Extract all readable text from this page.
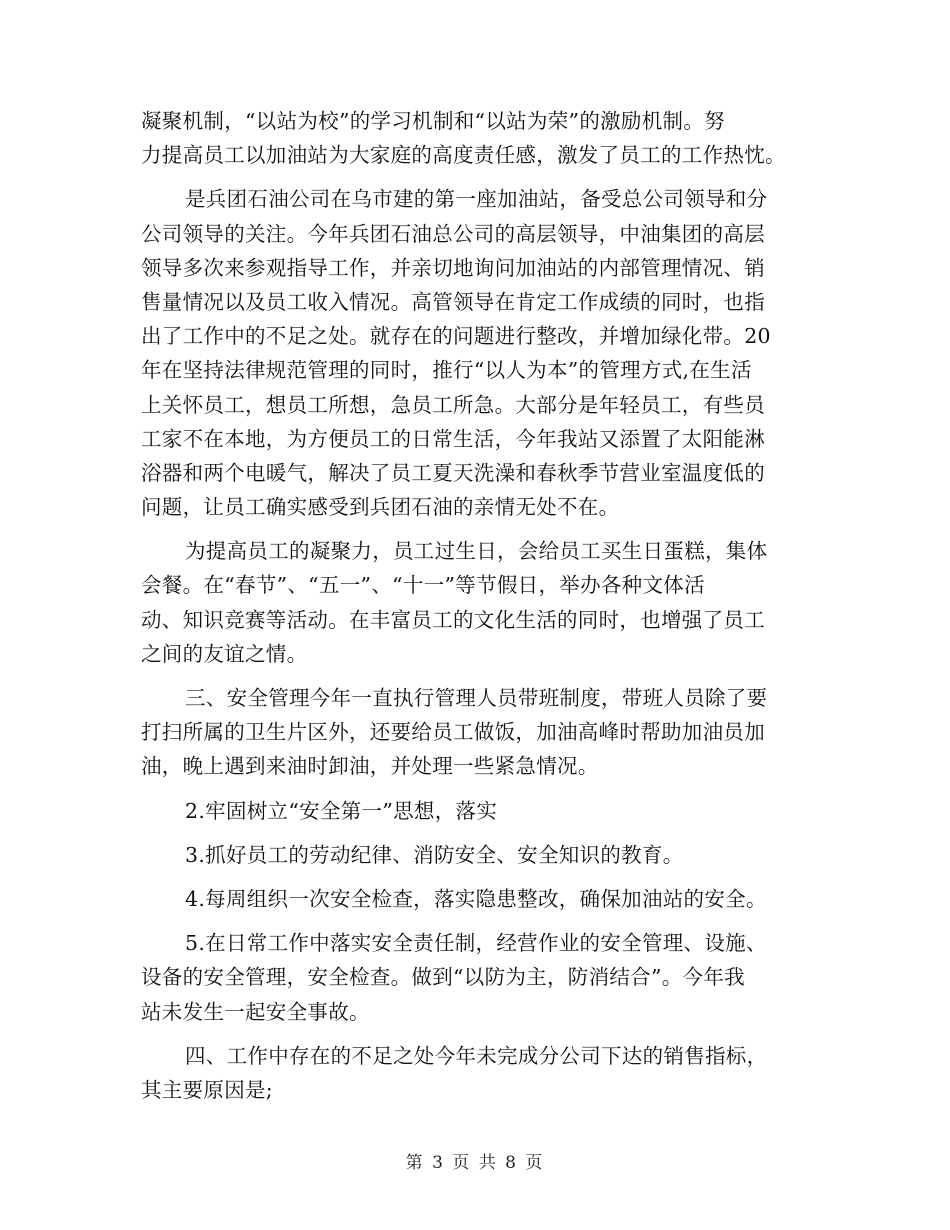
凝聚机制，“以站为校”的学习机制和“以站为荣”的激励机制。努
力提高员工以加油站为大家庭的高度责任感，激发了员工的工作热忱。
是兵团石油公司在乌市建的第一座加油站，备受总公司领导和分
公司领导的关注。今年兵团石油总公司的高层领导，中油集团的高层
领导多次来参观指导工作，并亲切地询问加油站的内部管理情况、销
售量情况以及员工收入情况。高管领导在肯定工作成绩的同时，也指
出了工作中的不足之处。就存在的问题进行整改，并增加绿化带。20
年在坚持法律规范管理的同时，推行“以人为本”的管理方式,在生活
上关怀员工，想员工所想，急员工所急。大部分是年轻员工，有些员
工家不在本地，为方便员工的日常生活，今年我站又添置了太阳能淋
浴器和两个电暖气，解决了员工夏天洗澡和春秋季节营业室温度低的
问题，让员工确实感受到兵团石油的亲情无处不在。
为提高员工的凝聚力，员工过生日，会给员工买生日蛋糕，集体
会餐。在“春节”、“五一”、“十一”等节假日，举办各种文体活
动、知识竞赛等活动。在丰富员工的文化生活的同时，也增强了员工
之间的友谊之情。
三、安全管理今年一直执行管理人员带班制度，带班人员除了要
打扫所属的卫生片区外，还要给员工做饭，加油高峰时帮助加油员加
油，晚上遇到来油时卸油，并处理一些紧急情况。
2.牢固树立“安全第一”思想，落实
3.抓好员工的劳动纪律、消防安全、安全知识的教育。
4.每周组织一次安全检查，落实隐患整改，确保加油站的安全。
5.在日常工作中落实安全责任制，经营作业的安全管理、设施、
设备的安全管理，安全检查。做到“以防为主，防消结合”。今年我
站未发生一起安全事故。
四、工作中存在的不足之处今年未完成分公司下达的销售指标，
其主要原因是;
第 3 页 共 8 页
